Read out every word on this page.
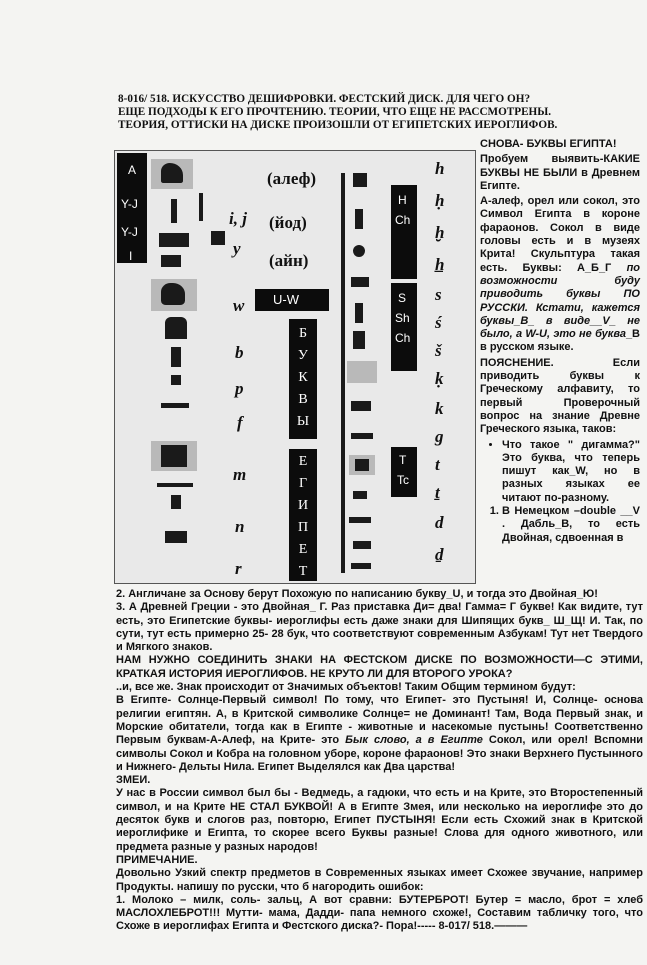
8-016/ 518. ИСКУССТВО ДЕШИФРОВКИ. ФЕСТСКИЙ ДИСК. ДЛЯ ЧЕГО ОН?
ЕЩЕ ПОДХОДЫ К ЕГО ПРОЧТЕНИЮ. ТЕОРИИ, ЧТО ЕЩЕ НЕ РАССМОТРЕНЫ.
ТЕОРИЯ, ОТТИСКИ НА ДИСКЕ ПРОИЗОШЛИ ОТ ЕГИПЕТСКИХ ИЕРОГЛИФОВ.
A
Y-J
Y-J
I
i, j
y
w
b
p
f
m
n
r
(алеф)
(йод)
(айн)
U-W
Б
У
К
В
Ы
Е
Г
И
П
Е
Т
H
Ch
S
Sh
Ch
T
Tc
h
ḥ
ḫ
h̲
s
ś
š
ḳ
k
g
t
ṯ
d
ḏ

СНОВА- БУКВЫ ЕГИПТА!

Пробуем выявить-КАКИЕ БУКВЫ НЕ БЫЛИ в Древнем Египте.

А-алеф, орел или сокол, это Символ Египта в короне фараонов. Сокол в виде головы есть и в музеях Крита! Скульптура такая есть. Буквы: А_Б_Г по возможности буду приводить буквы ПО РУССКИ. Кстати, кажется буквы_В_ в виде__V_ не было, а W-U, это не буква_В в русском языке.

ПОЯСНЕНИЕ. Если приводить буквы к Греческому алфавиту, то первый Проверочный вопрос на знание Древне Греческого языка, таков:

• Что такое " дигамма?" Это буква, что теперь пишут как_W, но в разных языках ее читают по-разному.
1. В Немецком –double __V . Дабль_В, то есть Двойная, сдвоенная в

2. Англичане за Основу берут Похожую по написанию букву_U, и тогда это Двойная_Ю!

3. А Древней Греции - это Двойная_ Г. Раз приставка Ди= два! Гамма= Г букве! Как видите, тут есть, это Египетские буквы- иероглифы есть даже знаки для Шипящих букв_ Ш_Щ! И. Так, по сути, тут есть примерно 25- 28 бук, что соответствуют современным Азбукам! Тут нет Твердого и Мягкого знаков.

НАМ НУЖНО СОЕДИНИТЬ ЗНАКИ НА ФЕСТСКОМ ДИСКЕ ПО ВОЗМОЖНОСТИ—С ЭТИМИ, КРАТКАЯ ИСТОРИЯ ИЕРОГЛИФОВ. НЕ КРУТО ЛИ ДЛЯ ВТОРОГО УРОКА?

..и, все же. Знак происходит от Значимых объектов! Таким Общим термином будут:

В Египте- Солнце-Первый символ! По тому, что Египет- это Пустыня! И, Солнце- основа религии египтян. А, в Критской символике Солнце= не Доминант! Там, Вода Первый знак, и Морские обитатели, тогда как в Египте - животные и насекомые пустынь! Соответственно Первым буквам-А-Алеф, на Крите- это Бык слово, а в Египте Сокол, или орел! Вспомни символы Сокол и Кобра на головном уборе, короне фараонов! Это знаки Верхнего Пустынного и Нижнего- Дельты Нила. Египет Выделялся как Два царства!

ЗМЕИ.

У нас в России символ был бы - Ведмедь, а гадюки, что есть и на Крите, это Второстепенный символ, и на Крите НЕ СТАЛ БУКВОЙ! А в Египте Змея, или несколько на иероглифе это до десяток букв и слогов раз, повторю, Египет ПУСТЫНЯ! Если есть Схожий знак в Критской иероглифике и Египта, то скорее всего Буквы разные! Слова для одного животного, или предмета разные у разных народов!

ПРИМЕЧАНИЕ.

Довольно Узкий спектр предметов в Современных языках имеет Схожее звучание, например Продукты. напишу по русски, что б нагородить ошибок:

1. Молоко – милк, соль- зальц, А вот сравни: БУТЕРБРОТ! Бутер = масло, брот = хлеб МАСЛОХЛЕБРОТ!!! Мутти- мама, Дадди- папа немного схоже!, Составим табличку того, что Схоже в иероглифах Египта и Фестского диска?- Пора!----- 8-017/ 518.———
